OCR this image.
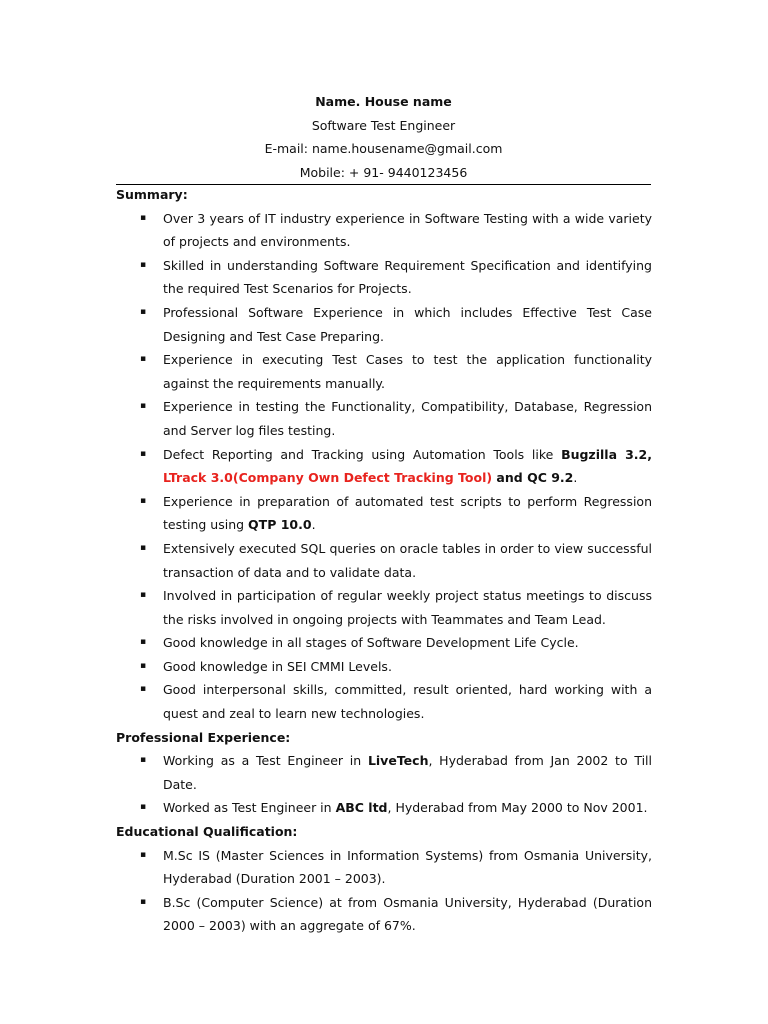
Name. House name
Software Test Engineer
E-mail: name.housename@gmail.com
Mobile: + 91- 9440123456
Summary:
▪ Over 3 years of IT industry experience in Software Testing with a wide variety of projects and environments.
▪ Skilled in understanding Software Requirement Specification and identifying the required Test Scenarios for Projects.
▪ Professional Software Experience in which includes Effective Test Case Designing and Test Case Preparing.
▪ Experience in executing Test Cases to test the application functionality against the requirements manually.
▪ Experience in testing the Functionality, Compatibility, Database, Regression and Server log files testing.
▪ Defect Reporting and Tracking using Automation Tools like Bugzilla 3.2, LTrack 3.0(Company Own Defect Tracking Tool) and QC 9.2.
▪ Experience in preparation of automated test scripts to perform Regression testing using QTP 10.0.
▪ Extensively executed SQL queries on oracle tables in order to view successful transaction of data and to validate data.
▪ Involved in participation of regular weekly project status meetings to discuss the risks involved in ongoing projects with Teammates and Team Lead.
▪ Good knowledge in all stages of Software Development Life Cycle.
▪ Good knowledge in SEI CMMI Levels.
▪ Good interpersonal skills, committed, result oriented, hard working with a quest and zeal to learn new technologies.
Professional Experience:
▪ Working as a Test Engineer in LiveTech, Hyderabad from Jan 2002 to Till Date.
▪ Worked as Test Engineer in ABC ltd, Hyderabad from May 2000 to Nov 2001.
Educational Qualification:
▪ M.Sc IS (Master Sciences in Information Systems) from Osmania University, Hyderabad (Duration 2001 – 2003).
▪ B.Sc (Computer Science) at from Osmania University, Hyderabad (Duration 2000 – 2003) with an aggregate of 67%.
